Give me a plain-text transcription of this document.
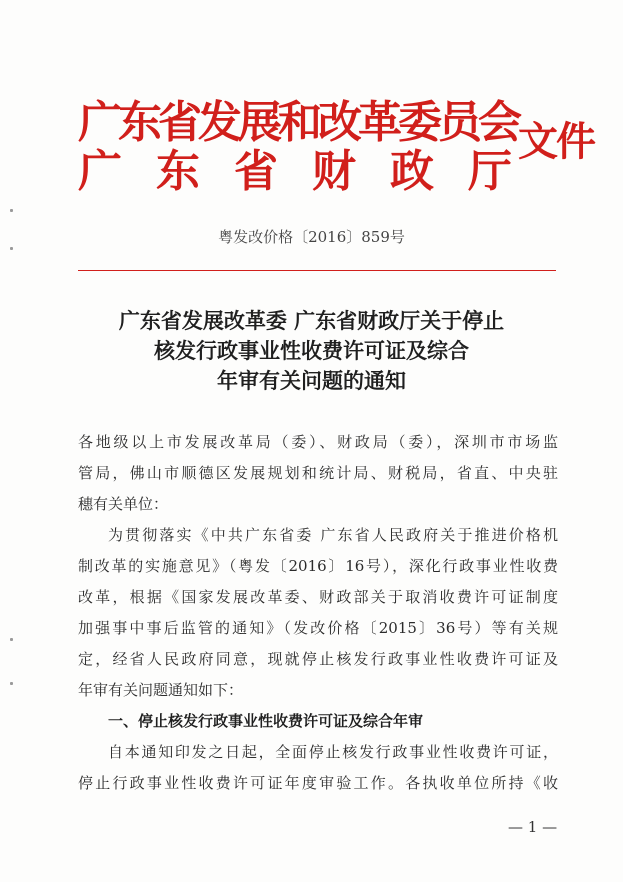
广东省发展和改革委员会
广东省财政厅
文件
粤发改价格〔2016〕859号
广东省发展改革委 广东省财政厅关于停止
核发行政事业性收费许可证及综合
年审有关问题的通知
各地级以上市发展改革局（委）、财政局（委），深圳市市场监
管局，佛山市顺德区发展规划和统计局、财税局，省直、中央驻
穗有关单位：
为贯彻落实《中共广东省委 广东省人民政府关于推进价格机
制改革的实施意见》（粤发〔2016〕16号），深化行政事业性收费
改革，根据《国家发展改革委、财政部关于取消收费许可证制度
加强事中事后监管的通知》（发改价格〔2015〕36号）等有关规
定，经省人民政府同意，现就停止核发行政事业性收费许可证及
年审有关问题通知如下：
一、停止核发行政事业性收费许可证及综合年审
自本通知印发之日起，全面停止核发行政事业性收费许可证，
停止行政事业性收费许可证年度审验工作。各执收单位所持《收
— 1 —
